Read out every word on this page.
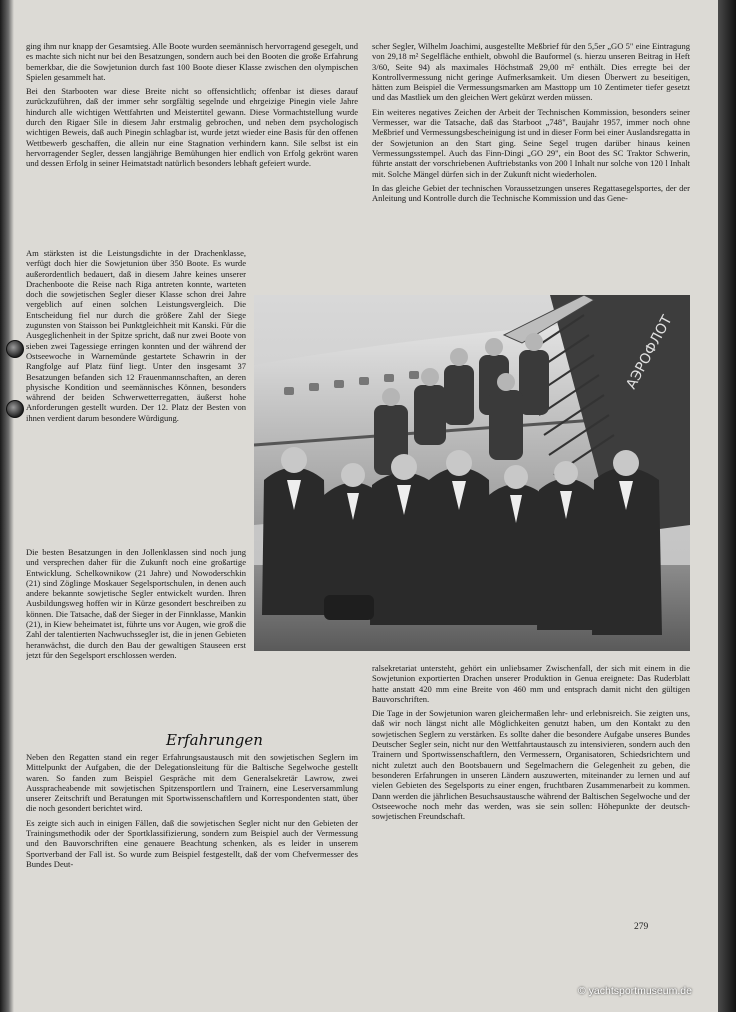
ging ihm nur knapp der Gesamtsieg. Alle Boote wurden seemännisch hervorragend gesegelt, und es machte sich nicht nur bei den Besatzungen, sondern auch bei den Booten die große Erfahrung bemerkbar, die die Sowjetunion durch fast 100 Boote dieser Klasse zwischen den olympischen Spielen gesammelt hat.

Bei den Starbooten war diese Breite nicht so offensichtlich; offenbar ist dieses darauf zurückzuführen, daß der immer sehr sorgfältig segelnde und ehrgeizige Pinegin viele Jahre hindurch alle wichtigen Wettfahrten und Meistertitel gewann. Diese Vormachtstellung wurde durch den Rigaer Sile in diesem Jahr erstmalig gebrochen, und neben dem psychologisch wichtigen Beweis, daß auch Pinegin schlagbar ist, wurde jetzt wieder eine Basis für den offenen Wettbewerb geschaffen, die allein nur eine Stagnation verhindern kann. Sile selbst ist ein hervorragender Segler, dessen langjährige Bemühungen hier endlich von Erfolg gekrönt waren und dessen Erfolg in seiner Heimatstadt natürlich besonders lebhaft gefeiert wurde.

Am stärksten ist die Leistungsdichte in der Drachenklasse, verfügt doch hier die Sowjetunion über 350 Boote. Es wurde außerordentlich bedauert, daß in diesem Jahre keines unserer Drachenboote die Reise nach Riga antreten konnte, warteten doch die sowjetischen Segler dieser Klasse schon drei Jahre vergeblich auf einen solchen Leistungsvergleich. Die Entscheidung fiel nur durch die größere Zahl der Siege zugunsten von Staisson bei Punktgleichheit mit Kanski. Für die Ausgeglichenheit in der Spitze spricht, daß nur zwei Boote von sieben zwei Tagessiege erringen konnten und der während der Ostseewoche in Warnemünde gestartete Schawrin in der Rangfolge auf Platz fünf liegt. Unter den insgesamt 37 Besatzungen befanden sich 12 Frauenmannschaften, an deren physische Kondition und seemännisches Können, besonders während der beiden Schwerwetterregatten, äußerst hohe Anforderungen gestellt wurden. Der 12. Platz der Besten von ihnen verdient darum besondere Würdigung.

Die besten Besatzungen in den Jollenklassen sind noch jung und versprechen daher für die Zukunft noch eine großartige Entwicklung. Schelkownikow (21 Jahre) und Nowoderschkin (21) sind Zöglinge Moskauer Segelsportschulen, in denen auch andere bekannte sowjetische Segler entwickelt wurden. Ihren Ausbildungsweg hoffen wir in Kürze gesondert beschreiben zu können. Die Tatsache, daß der Sieger in der Finnklasse, Mankin (21), in Kiew beheimatet ist, führte uns vor Augen, wie groß die Zahl der talentierten Nachwuchssegler ist, die in jenen Gebieten heranwächst, die durch den Bau der gewaltigen Stauseen erst jetzt für den Segelsport erschlossen werden.

Erfahrungen

Neben den Regatten stand ein reger Erfahrungsaustausch mit den sowjetischen Seglern im Mittelpunkt der Aufgaben, die der Delegationsleitung für die Baltische Segelwoche gestellt waren. So fanden zum Beispiel Gespräche mit dem Generalsekretär Lawrow, zwei Ausspracheabende mit sowjetischen Spitzensportlern und Trainern, eine Leserversammlung unserer Zeitschrift und Beratungen mit Sportwissenschaftlern und Korrespondenten statt, über die noch gesondert berichtet wird.

Es zeigte sich auch in einigen Fällen, daß die sowjetischen Segler nicht nur den Gebieten der Trainingsmethodik oder der Sportklassifizierung, sondern zum Beispiel auch der Vermessung und den Bauvorschriften eine genauere Beachtung schenken, als es leider in unserem Sportverband der Fall ist. So wurde zum Beispiel festgestellt, daß der vom Chefvermesser des Bundes Deut-

scher Segler, Wilhelm Joachimi, ausgestellte Meßbrief für den 5,5er „GO 5" eine Eintragung von 29,18 m² Segelfläche enthielt, obwohl die Bauformel (s. hierzu unseren Beitrag in Heft 3/60, Seite 94) als maximales Höchstmaß 29,00 m² enthält. Dies erregte bei der Kontrollvermessung nicht geringe Aufmerksamkeit. Um diesen Überwert zu beseitigen, hätten zum Beispiel die Vermessungsmarken am Masttopp um 10 Zentimeter tiefer gesetzt und das Mastliek um den gleichen Wert gekürzt werden müssen.

Ein weiteres negatives Zeichen der Arbeit der Technischen Kommission, besonders seiner Vermesser, war die Tatsache, daß das Starboot „748", Baujahr 1957, immer noch ohne Meßbrief und Vermessungsbescheinigung ist und in dieser Form bei einer Auslandsregatta in der Sowjetunion an den Start ging. Seine Segel trugen darüber hinaus keinen Vermessungsstempel. Auch das Finn-Dingi „GO 29", ein Boot des SC Traktor Schwerin, führte anstatt der vorschriebenen Auftriebstanks von 200 l Inhalt nur solche von 120 l Inhalt mit. Solche Mängel dürfen sich in der Zukunft nicht wiederholen.

In das gleiche Gebiet der technischen Voraussetzungen unseres Regattasegelsportes, der der Anleitung und Kontrolle durch die Technische Kommission und das Gene-

ralsekretariat untersteht, gehört ein unliebsamer Zwischenfall, der sich mit einem in die Sowjetunion exportierten Drachen unserer Produktion in Genua ereignete: Das Ruderblatt hatte anstatt 420 mm eine Breite von 460 mm und entsprach damit nicht den gültigen Bauvorschriften.

Die Tage in der Sowjetunion waren gleichermaßen lehr- und erlebnisreich. Sie zeigten uns, daß wir noch längst nicht alle Möglichkeiten genutzt haben, um den Kontakt zu den sowjetischen Seglern zu verstärken. Es sollte daher die besondere Aufgabe unseres Bundes Deutscher Segler sein, nicht nur den Wettfahrtaustausch zu intensivieren, sondern auch den Trainern und Sportwissenschaftlern, den Vermessern, Organisatoren, Schiedsrichtern und nicht zuletzt auch den Bootsbauern und Segelmachern die Gelegenheit zu geben, die besonderen Erfahrungen in unseren Ländern auszuwerten, miteinander zu lernen und auf vielen Gebieten des Segelsports zu einer engen, fruchtbaren Zusammenarbeit zu kommen. Dann werden die jährlichen Besuchsaustausche während der Baltischen Segelwoche und der Ostseewoche noch mehr das werden, was sie sein sollen: Höhepunkte der deutsch-sowjetischen Freundschaft.

АЭРОФЛОТ
279
© yachtsportmuseum.de
